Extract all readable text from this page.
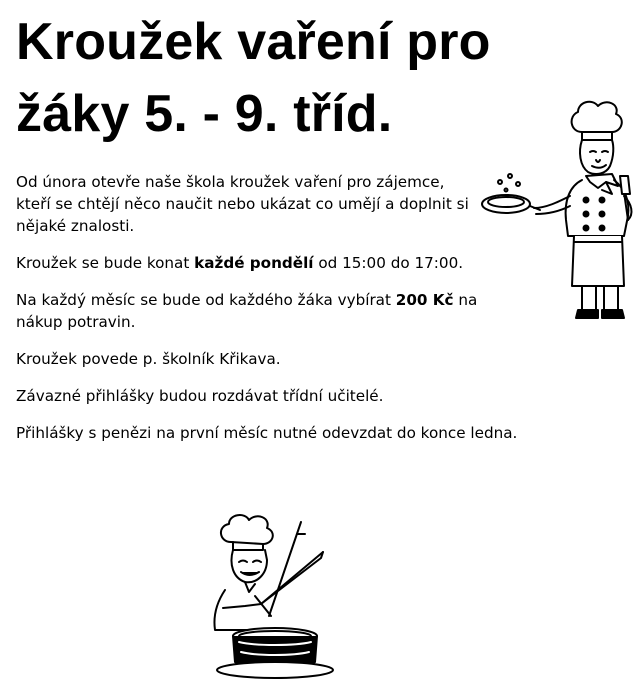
Kroužek vaření pro
žáky 5. - 9. tříd.

Od února otevře naše škola kroužek vaření pro zájemce,
kteří se chtějí něco naučit nebo ukázat co umějí a doplnit si
nějaké znalosti.

Kroužek se bude konat každé pondělí od 15:00 do 17:00.

Na každý měsíc se bude od každého žáka vybírat 200 Kč na
nákup potravin.

Kroužek povede p. školník Křikava.

Závazné přihlášky budou rozdávat třídní učitelé.

Přihlášky s penězi na první měsíc nutné odevzdat do konce ledna.
